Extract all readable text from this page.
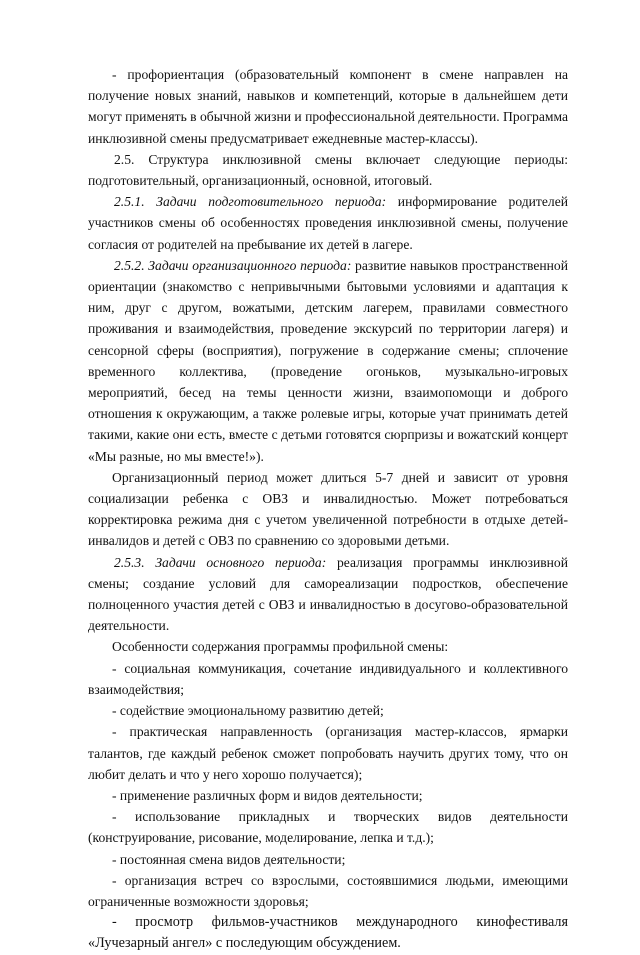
- профориентация (образовательный компонент в смене направлен на получение новых знаний, навыков и компетенций, которые в дальнейшем дети могут применять в обычной жизни и профессиональной деятельности. Программа инклюзивной смены предусматривает ежедневные мастер-классы).

2.5. Структура инклюзивной смены включает следующие периоды: подготовительный, организационный, основной, итоговый.

2.5.1. Задачи подготовительного периода: информирование родителей участников смены об особенностях проведения инклюзивной смены, получение согласия от родителей на пребывание их детей в лагере.

2.5.2. Задачи организационного периода: развитие навыков пространственной ориентации (знакомство с непривычными бытовыми условиями и адаптация к ним, друг с другом, вожатыми, детским лагерем, правилами совместного проживания и взаимодействия, проведение экскурсий по территории лагеря) и сенсорной сферы (восприятия), погружение в содержание смены; сплочение временного коллектива, (проведение огоньков, музыкально-игровых мероприятий, бесед на темы ценности жизни, взаимопомощи и доброго отношения к окружающим, а также ролевые игры, которые учат принимать детей такими, какие они есть, вместе с детьми готовятся сюрпризы и вожатский концерт «Мы разные, но мы вместе!»).

Организационный период может длиться 5-7 дней и зависит от уровня социализации ребенка с ОВЗ и инвалидностью. Может потребоваться корректировка режима дня с учетом увеличенной потребности в отдыхе детей-инвалидов и детей с ОВЗ по сравнению со здоровыми детьми.

2.5.3. Задачи основного периода: реализация программы инклюзивной смены; создание условий для самореализации подростков, обеспечение полноценного участия детей с ОВЗ и инвалидностью в досугово-образовательной деятельности.

Особенности содержания программы профильной смены:

- социальная коммуникация, сочетание индивидуального и коллективного взаимодействия;

- содействие эмоциональному развитию детей;

- практическая направленность (организация мастер-классов, ярмарки талантов, где каждый ребенок сможет попробовать научить других тому, что он любит делать и что у него хорошо получается);

- применение различных форм и видов деятельности;

- использование прикладных и творческих видов деятельности (конструирование, рисование, моделирование, лепка и т.д.);

- постоянная смена видов деятельности;

- организация встреч со взрослыми, состоявшимися людьми, имеющими ограниченные возможности здоровья;

- просмотр фильмов-участников международного кинофестиваля «Лучезарный ангел» с последующим обсуждением.
